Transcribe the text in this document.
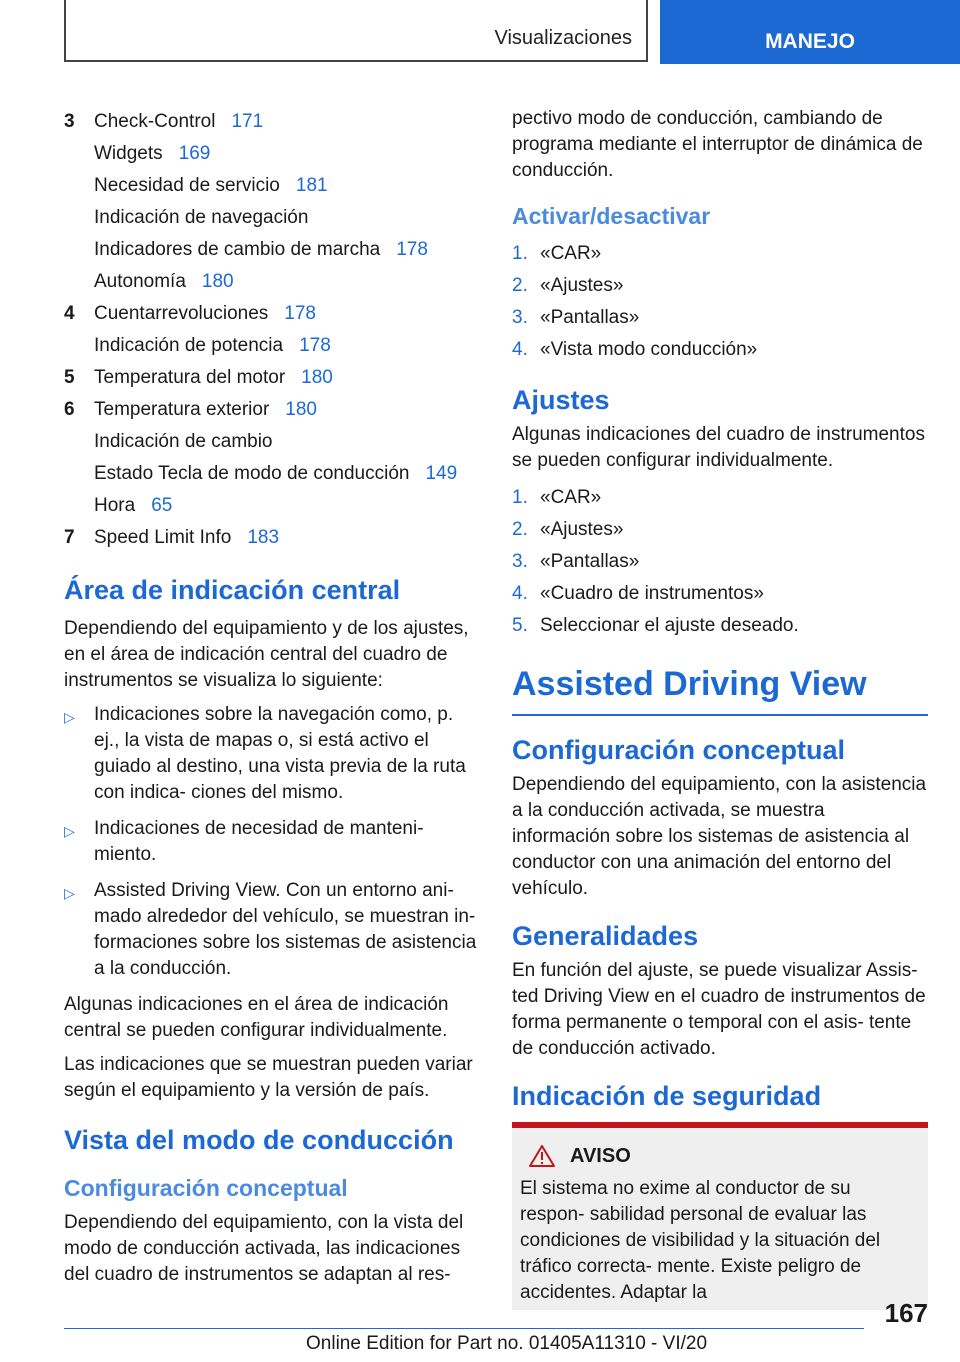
Visualizaciones	MANEJO
3	Check-Control 171
Widgets 169
Necesidad de servicio 181
Indicación de navegación
Indicadores de cambio de marcha 178
Autonomía 180
4	Cuentarrevoluciones 178
Indicación de potencia 178
5	Temperatura del motor 180
6	Temperatura exterior 180
Indicación de cambio
Estado Tecla de modo de conducción 149
Hora 65
7	Speed Limit Info 183
Área de indicación central

Dependiendo del equipamiento y de los ajustes, en el área de indicación central del cuadro de instrumentos se visualiza lo siguiente:

▷	Indicaciones sobre la navegación como, p. ej., la vista de mapas o, si está activo el guiado al destino, una vista previa de la ruta con indica‐ ciones del mismo.
▷	Indicaciones de necesidad de manteni‐ miento.
▷	Assisted Driving View. Con un entorno ani‐ mado alrededor del vehículo, se muestran in‐ formaciones sobre los sistemas de asistencia a la conducción.

Algunas indicaciones en el área de indicación central se pueden configurar individualmente.

Las indicaciones que se muestran pueden variar según el equipamiento y la versión de país.

Vista del modo de conducción
Configuración conceptual

Dependiendo del equipamiento, con la vista del modo de conducción activada, las indicaciones del cuadro de instrumentos se adaptan al res‐

pectivo modo de conducción, cambiando de programa mediante el interruptor de dinámica de conducción.

Activar/desactivar
1. «CAR»
2. «Ajustes»
3. «Pantallas»
4. «Vista modo conducción»
Ajustes

Algunas indicaciones del cuadro de instrumentos se pueden configurar individualmente.

1. «CAR»
2. «Ajustes»
3. «Pantallas»
4. «Cuadro de instrumentos»
5. Seleccionar el ajuste deseado.
Assisted Driving View
Configuración conceptual

Dependiendo del equipamiento, con la asistencia a la conducción activada, se muestra información sobre los sistemas de asistencia al conductor con una animación del entorno del vehículo.

Generalidades

En función del ajuste, se puede visualizar Assis‐ ted Driving View en el cuadro de instrumentos de forma permanente o temporal con el asis‐ tente de conducción activado.

Indicación de seguridad
AVISO

El sistema no exime al conductor de su respon‐ sabilidad personal de evaluar las condiciones de visibilidad y la situación del tráfico correcta‐ mente. Existe peligro de accidentes. Adaptar la

167
Online Edition for Part no. 01405A11310 - VI/20
